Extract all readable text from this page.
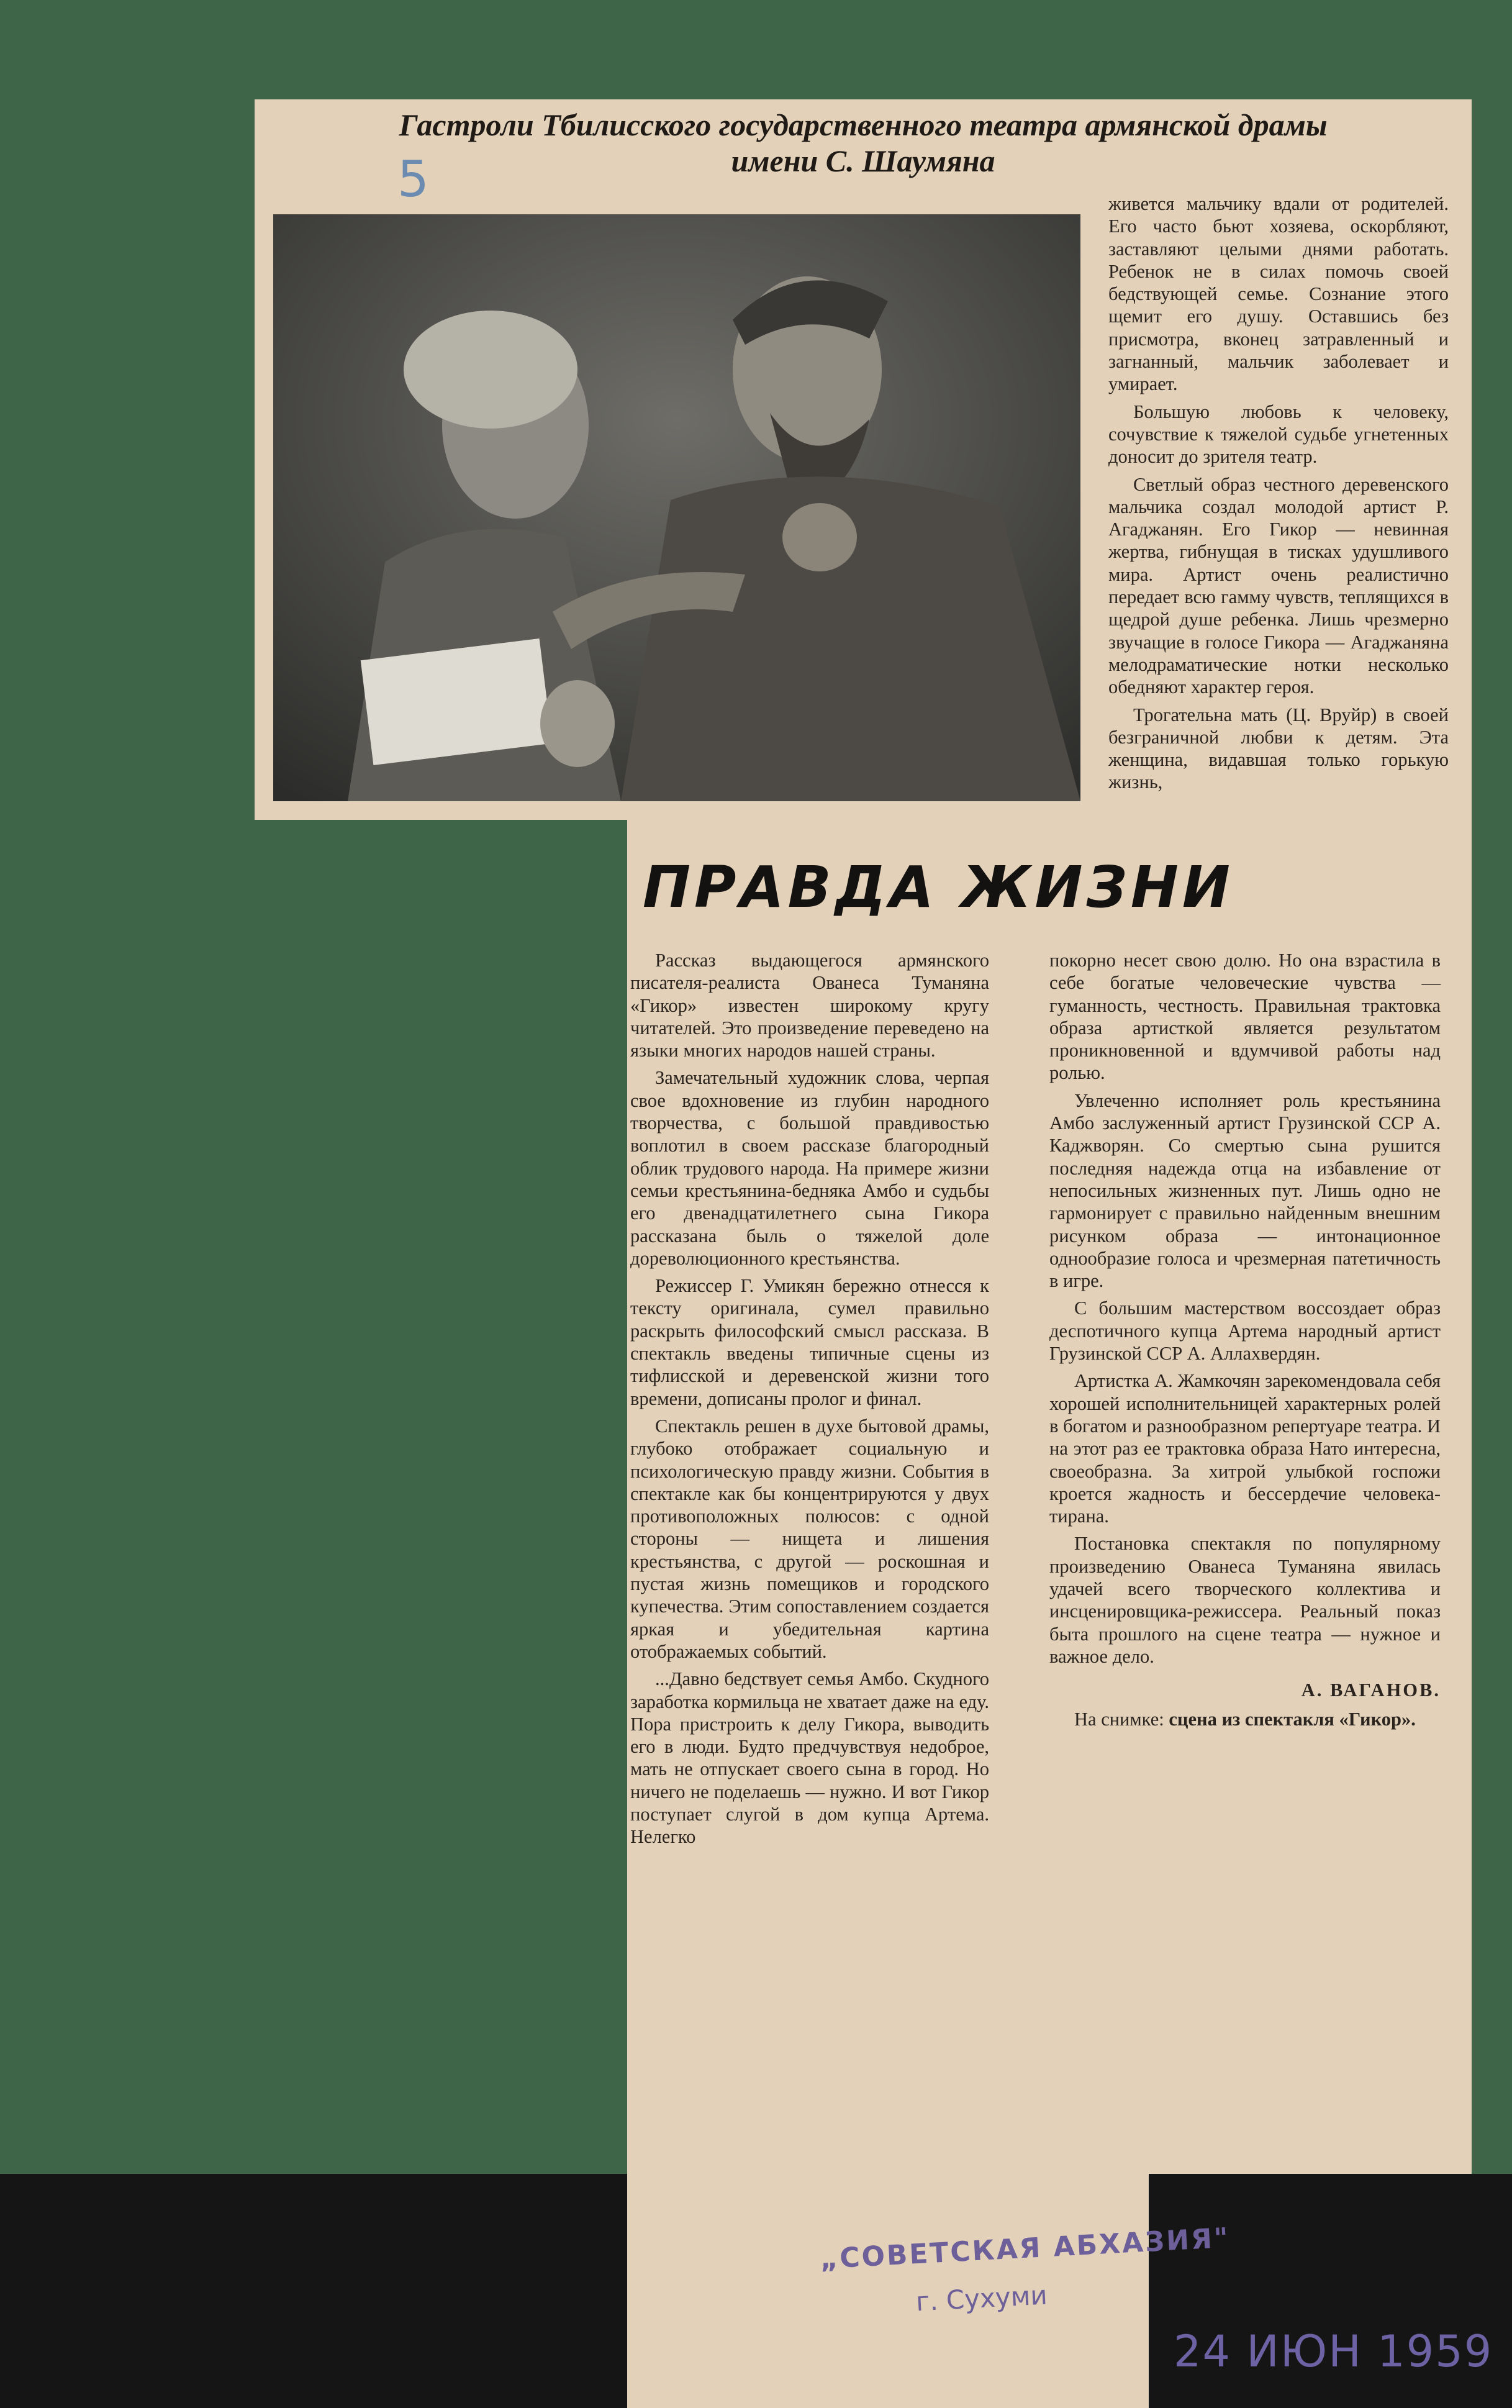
Гастроли Тбилисского государственного театра армянской драмы
имени С. Шаумяна
5	живется мальчику вдали от родителей. Его часто бьют хозяева, оскорбляют, заставляют целыми днями работать. Ребенок не в силах помочь своей бедствующей семье. Сознание этого щемит его душу. Оставшись без присмотра, вконец затравленный и загнанный, мальчик заболевает и умирает.

Большую любовь к человеку, сочувствие к тяжелой судьбе угнетенных доносит до зрителя театр.

Светлый образ честного деревенского мальчика создал молодой артист Р. Агаджанян. Его Гикор — невинная жертва, гибнущая в тисках удушливого мира. Артист очень реалистично передает всю гамму чувств, теплящихся в щедрой душе ребенка. Лишь чрезмерно звучащие в голосе Гикора — Агаджаняна мелодраматические нотки несколько обедняют характер героя.

Трогательна мать (Ц. Вруйр) в своей безграничной любви к детям. Эта женщина, видавшая только горькую жизнь,

ПРАВДА ЖИЗНИ

Рассказ выдающегося армянского писателя-реалиста Ованеса Туманяна «Гикор» известен широкому кругу читателей. Это произведение переведено на языки многих народов нашей страны.

Замечательный художник слова, черпая свое вдохновение из глубин народного творчества, с большой правдивостью воплотил в своем рассказе благородный облик трудового народа. На примере жизни семьи крестьянина-бедняка Амбо и судьбы его двенадцатилетнего сына Гикора рассказана быль о тяжелой доле дореволюционного крестьянства.

Режиссер Г. Умикян бережно отнесся к тексту оригинала, сумел правильно раскрыть философский смысл рассказа. В спектакль введены типичные сцены из тифлисской и деревенской жизни того времени, дописаны пролог и финал.

Спектакль решен в духе бытовой драмы, глубоко отображает социальную и психологическую правду жизни. События в спектакле как бы концентрируются у двух противоположных полюсов: с одной стороны — нищета и лишения крестьянства, с другой — роскошная и пустая жизнь помещиков и городского купечества. Этим сопоставлением создается яркая и убедительная картина отображаемых событий.

...Давно бедствует семья Амбо. Скудного заработка кормильца не хватает даже на еду. Пора пристроить к делу Гикора, выводить его в люди. Будто предчувствуя недоброе, мать не отпускает своего сына в город. Но ничего не поделаешь — нужно. И вот Гикор поступает слугой в дом купца Артема. Нелегко

покорно несет свою долю. Но она взрастила в себе богатые человеческие чувства — гуманность, честность. Правильная трактовка образа артисткой является результатом проникновенной и вдумчивой работы над ролью.

Увлеченно исполняет роль крестьянина Амбо заслуженный артист Грузинской ССР А. Каджворян. Со смертью сына рушится последняя надежда отца на избавление от непосильных жизненных пут. Лишь одно не гармонирует с правильно найденным внешним рисунком образа — интонационное однообразие голоса и чрезмерная патетичность в игре.

С большим мастерством воссоздает образ деспотичного купца Артема народный артист Грузинской ССР А. Аллахвердян.

Артистка А. Жамкочян зарекомендовала себя хорошей исполнительницей характерных ролей в богатом и разнообразном репертуаре театра. И на этот раз ее трактовка образа Нато интересна, своеобразна. За хитрой улыбкой госпожи кроется жадность и бессердечие человека-тирана.

Постановка спектакля по популярному произведению Ованеса Туманяна явилась удачей всего творческого коллектива и инсценировщика-режиссера. Реальный показ быта прошлого на сцене театра — нужное и важное дело.

А. ВАГАНОВ.

На снимке: сцена из спектакля «Гикор».

„СОВЕТСКАЯ АБХАЗИЯ"
г. Сухуми
24 ИЮН 1959
